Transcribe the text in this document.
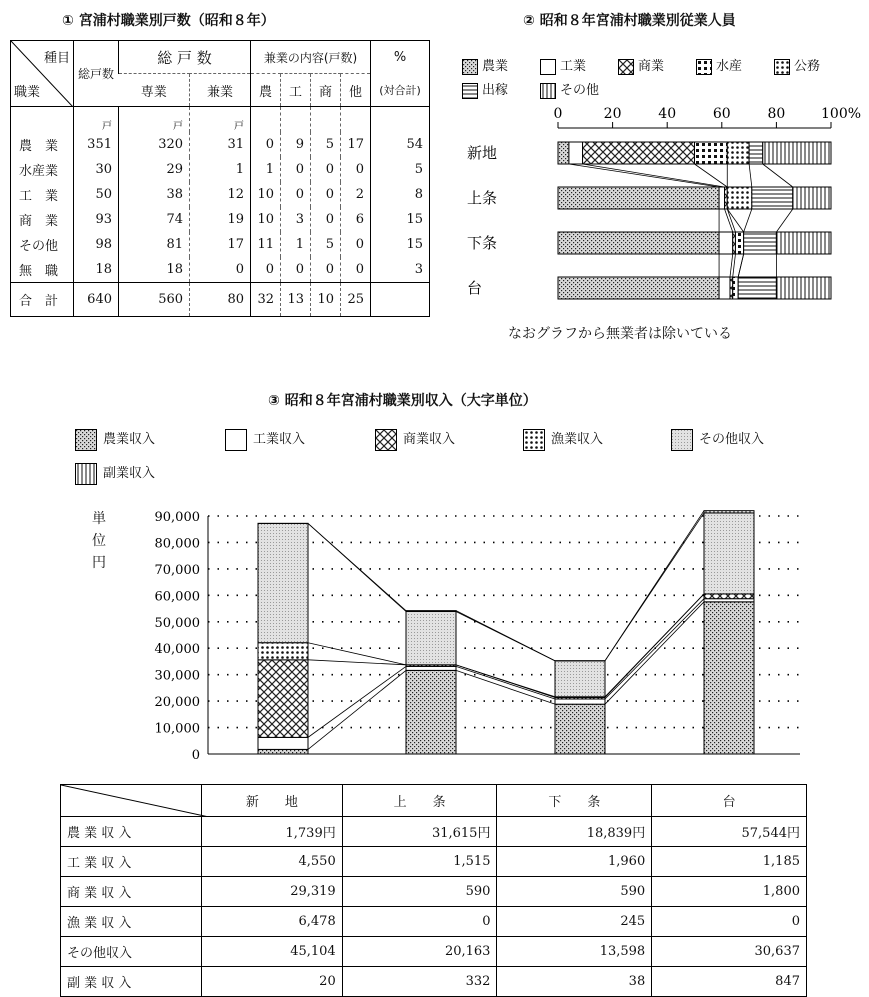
① 宮浦村職業別戸数（昭和８年）
種目
職業	総戸数	総 戸 数		兼業の内容(戸数)				%
		専業	兼業	農	工	商	他	(対合計)
	戸	戸	戸					
農　業	351	320	31	0	9	5	17	54
水産業	30	29	1	1	0	0	0	5
工　業	50	38	12	10	0	0	2	8
商　業	93	74	19	10	3	0	6	15
その他	98	81	17	11	1	5	0	15
無　職	18	18	0	0	0	0	0	3
合　計	640	560	80	32	13	10	25	
② 昭和８年宮浦村職業別従業人員
農業	工業	商業	水産	公務
出稼	その他
0	20	40	60	80	100%
新地
上条
下条
台
なおグラフから無業者は除いている
③ 昭和８年宮浦村職業別収入（大字単位）
農業収入	工業収入	商業収入	漁業収入	その他収入
副業収入
単
位
円
90,000
80,000
70,000
60,000
50,000
40,000
30,000
20,000
10,000
0
	新　　地	上　　条	下　　条	台
農 業 収 入	1,739円	31,615円	18,839円	57,544円
工 業 収 入	4,550	1,515	1,960	1,185
商 業 収 入	29,319	590	590	1,800
漁 業 収 入	6,478	0	245	0
その他収入	45,104	20,163	13,598	30,637
副 業 収 入	20	332	38	847
